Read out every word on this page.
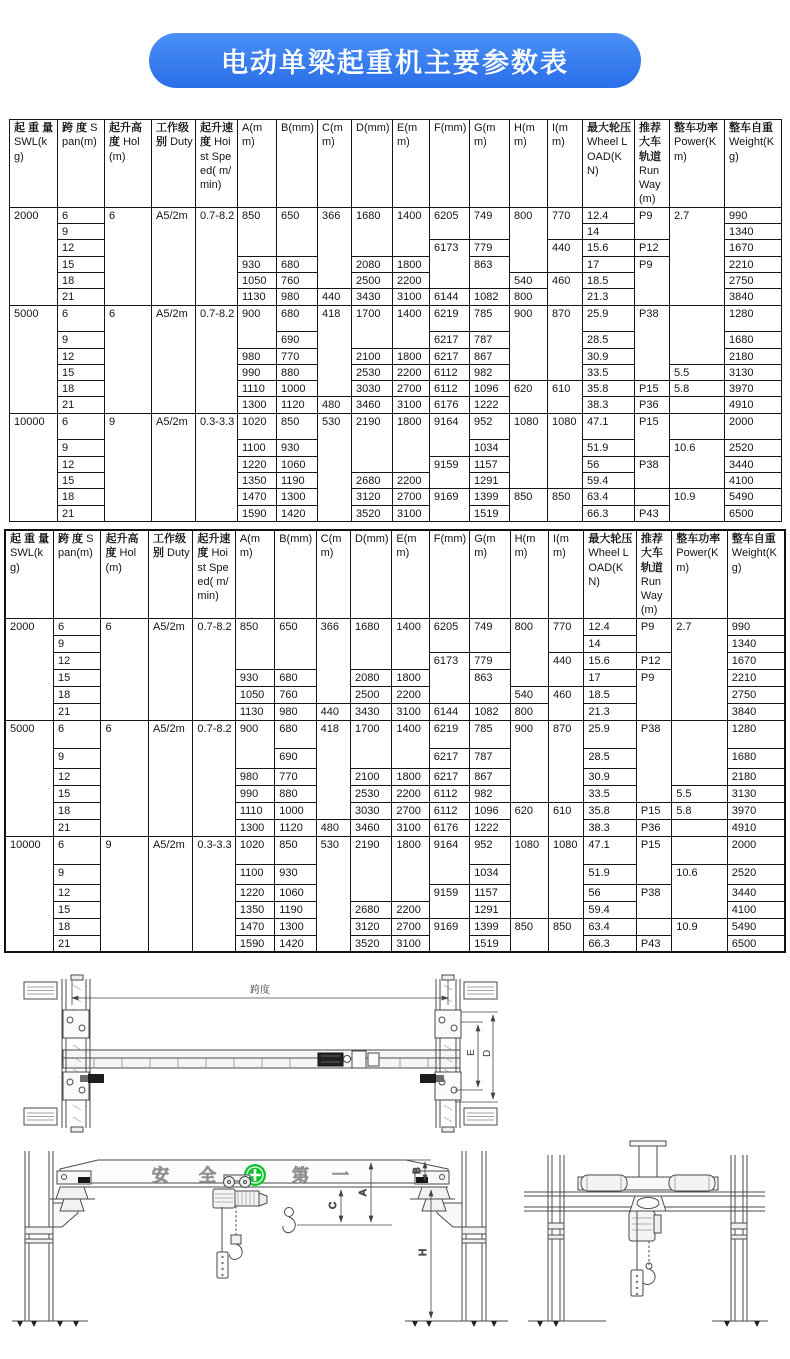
电动单梁起重机主要参数表
起 重 量 SWL(kg)	跨 度 Span(m)	起升高度 Hol(m)	工作级别 Duty	起升速度 Hoist Speed( m/min)	A(mm)	B(mm)	C(mm)	D(mm)	E(mm)	F(mm)	G(mm)	H(mm)	I(mm)	最大轮压 Wheel LOAD(KN)	推荐大车轨道 Run Way(m)	整车功率 Power(Km)	整车自重 Weight(Kg)
2000	6	6	A5/2m	0.7-8.2	850	650	366	1680	1400	6205	749	800	770	12.4	P9	2.7	990
	9													14			1340
	12									6173	779		440	15.6	P12		1670
	15				930	680		2080	1800		863			17	P9		2210
	18				1050	760		2500	2200			540	460	18.5			2750
	21				1130	980	440	3430	3100	6144	1082	800		21.3			3840
5000	6	6	A5/2m	0.7-8.2	900	680	418	1700	1400	6219	785	900	870	25.9	P38		1280
	9					690				6217	787			28.5			1680
	12				980	770		2100	1800	6217	867			30.9			2180
	15				990	880		2530	2200	6112	982			33.5		5.5	3130
	18				1110	1000		3030	2700	6112	1096	620	610	35.8	P15	5.8	3970
	21				1300	1120	480	3460	3100	6176	1222			38.3	P36		4910
10000	6	9	A5/2m	0.3-3.3	1020	850	530	2190	1800	9164	952	1080	1080	47.1	P15		2000
	9				1100	930					1034			51.9		10.6	2520
	12				1220	1060				9159	1157			56	P38		3440
	15				1350	1190		2680	2200		1291			59.4			4100
	18				1470	1300		3120	2700	9169	1399	850	850	63.4		10.9	5490
	21				1590	1420		3520	3100		1519			66.3	P43		6500
起 重 量 SWL(kg)	跨 度 Span(m)	起升高度 Hol(m)	工作级别 Duty	起升速度 Hoist Speed( m/min)	A(mm)	B(mm)	C(mm)	D(mm)	E(mm)	F(mm)	G(mm)	H(mm)	I(mm)	最大轮压 Wheel LOAD(KN)	推荐大车轨道 Run Way(m)	整车功率 Power(Km)	整车自重 Weight(Kg)
2000	6	6	A5/2m	0.7-8.2	850	650	366	1680	1400	6205	749	800	770	12.4	P9	2.7	990
	9													14			1340
	12									6173	779		440	15.6	P12		1670
	15				930	680		2080	1800		863			17	P9		2210
	18				1050	760		2500	2200			540	460	18.5			2750
	21				1130	980	440	3430	3100	6144	1082	800		21.3			3840
5000	6	6	A5/2m	0.7-8.2	900	680	418	1700	1400	6219	785	900	870	25.9	P38		1280
	9					690				6217	787			28.5			1680
	12				980	770		2100	1800	6217	867			30.9			2180
	15				990	880		2530	2200	6112	982			33.5		5.5	3130
	18				1110	1000		3030	2700	6112	1096	620	610	35.8	P15	5.8	3970
	21				1300	1120	480	3460	3100	6176	1222			38.3	P36		4910
10000	6	9	A5/2m	0.3-3.3	1020	850	530	2190	1800	9164	952	1080	1080	47.1	P15		2000
	9				1100	930					1034			51.9		10.6	2520
	12				1220	1060				9159	1157			56	P38		3440
	15				1350	1190		2680	2200		1291			59.4			4100
	18				1470	1300		3120	2700	9169	1399	850	850	63.4		10.9	5490
	21				1590	1420		3520	3100		1519			66.3	P43		6500
跨度
E D
安 全	第 一
C
A
B
H
